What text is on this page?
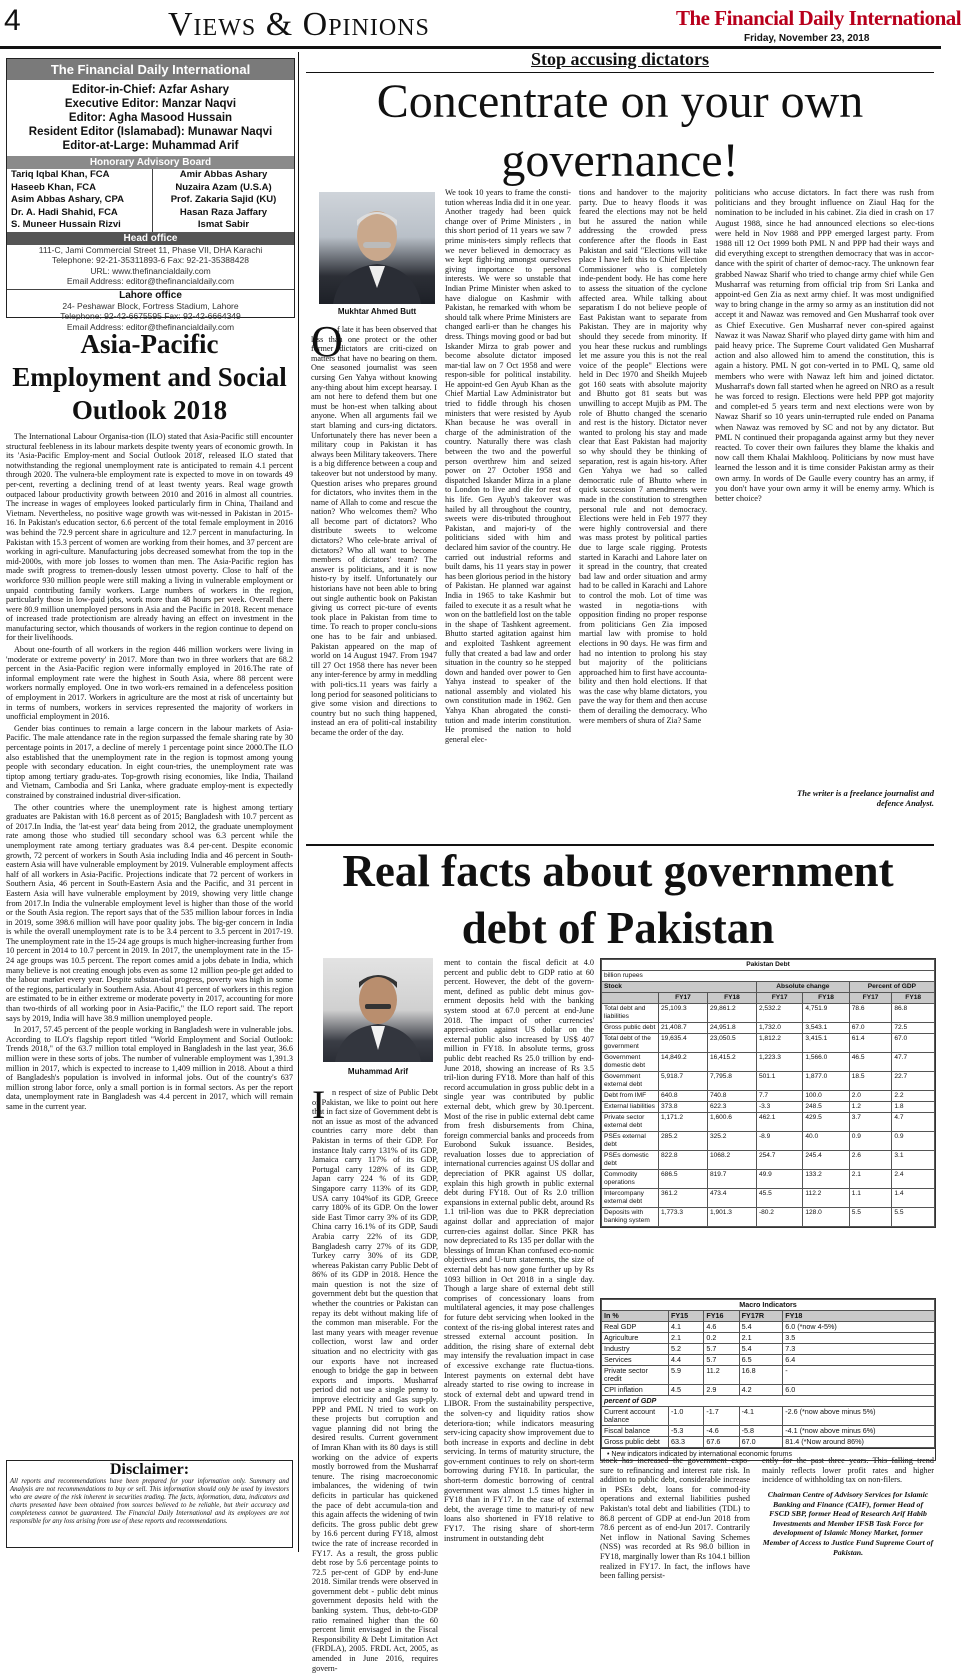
4	Views & Opinions	The Financial Daily International
Friday, November 23, 2018
The Financial Daily International
Editor-in-Chief: Azfar Ashary
Executive Editor: Manzar Naqvi
Editor: Agha Masood Hussain
Resident Editor (Islamabad): Munawar Naqvi
Editor-at-Large: Muhammad Arif
Honorary Advisory Board
Tariq Iqbal Khan, FCA
Haseeb Khan, FCA
Asim Abbas Ashary, CPA
Dr. A. Hadi Shahid, FCA
S. Muneer Hussain Rizvi
Amir Abbas Ashary
Nuzaira Azam (U.S.A)
Prof. Zakaria Sajid (KU)
Hasan Raza Jaffary
Ismat Sabir
Head office
111-C, Jami Commercial Street 11, Phase VII, DHA Karachi
Telephone: 92-21-35311893-6 Fax: 92-21-35388428
URL: www.thefinancialdaily.com
Email Address: editor@thefinancialdaily.com
Lahore office
24- Peshawar Block, Fortress Stadium, Lahore
Telephone: 92-42-6675595 Fax: 92-42-6664349
Email Address: editor@thefinancialdaily.com
Asia-Pacific Employment and Social Outlook 2018

The International Labour Organisa-tion (ILO) stated that Asia-Pacific still encounter structural feebleness in its labour markets despite twenty years of economic growth. In its 'Asia-Pacific Employ-ment and Social Outlook 2018', released ILO stated that notwithstanding the regional unemployment rate is anticipated to remain 4.1 percent through 2020. The vulnera-ble employment rate is expected to move in on towards 49 per-cent, reverting a declining trend of at least twenty years. Real wage growth outpaced labour productivity growth between 2010 and 2016 in almost all countries. The increase in wages of employees looked particularly firm in China, Thailand and Vietnam. Nevertheless, no positive wage growth was wit-nessed in Pakistan in 2015-16. In Pakistan's education sector, 6.6 percent of the total female employment in 2016 was behind the 72.9 percent share in agriculture and 12.7 percent in manufacturing. In Pakistan with 15.3 percent of women are working from their homes, and 37 percent are working in agri-culture. Manufacturing jobs decreased somewhat from the top in the mid-2000s, with more job losses to women than men. The Asia-Pacific region has made swift progress to tremen-dously lessen utmost poverty. Close to half of the workforce 930 million people were still making a living in vulnerable employment or unpaid contributing family workers. Large numbers of workers in the region, particularly those in low-paid jobs, work more than 48 hours per week. Overall there were 80.9 million unemployed persons in Asia and the Pacific in 2018. Recent menace of increased trade protectionism are already having an effect on investment in the manufacturing sector, which thousands of workers in the region continue to depend on for their livelihoods.

About one-fourth of all workers in the region 446 million workers were living in 'moderate or extreme poverty' in 2017. More than two in three workers that are 68.2 percent in the Asia-Pacific region were informally employed in 2016.The rate of informal employment rate were the highest in South Asia, where 88 percent were workers normally employed. One in two work-ers remained in a defenceless position of employment in 2017. Workers in agriculture are the most at risk of uncertainty but in terms of numbers, workers in services represented the majority of workers in unofficial employment in 2016.

Gender bias continues to remain a large concern in the labour markets of Asia-Pacific. The male attendance rate in the region surpassed the female sharing rate by 30 percentage points in 2017, a decline of merely 1 percentage point since 2000.The ILO also established that the unemployment rate in the region is topmost among young people with secondary education. In eight coun-tries, the unemployment rate was tiptop among tertiary gradu-ates. Top-growth rising economies, like India, Thailand and Vietnam, Cambodia and Sri Lanka, where graduate employ-ment is expectedly constrained by constrained industrial diver-sification.

The other countries where the unemployment rate is highest among tertiary graduates are Pakistan with 16.8 percent as of 2015; Bangladesh with 10.7 percent as of 2017.In India, the 'lat-est year' data being from 2012, the graduate unemployment rate among those who studied till secondary school was 6.3 percent while the unemployment rate among tertiary graduates was 8.4 per-cent. Despite economic growth, 72 percent of workers in South Asia including India and 46 percent in South-eastern Asia will have vulnerable employment by 2019. Vulnerable employment affects half of all workers in Asia-Pacific. Projections indicate that 72 percent of workers in Southern Asia, 46 percent in South-Eastern Asia and the Pacific, and 31 percent in Eastern Asia will have vulnerable employment by 2019, showing very little change from 2017.In India the vulnerable employment level is higher than those of the world or the South Asia region. The report says that of the 535 million labour forces in India in 2019, some 398.6 million will have poor quality jobs. The big-ger concern in India is while the overall unemployment rate is to be 3.4 percent to 3.5 percent in 2017-19. The unemployment rate in the 15-24 age groups is much higher-increasing further from 10 percent in 2014 to 10.7 percent in 2019. In 2017, the unemployment rate in the 15-24 age groups was 10.5 percent. The report comes amid a jobs debate in India, which many believe is not creating enough jobs even as some 12 million peo-ple get added to the labour market every year. Despite substan-tial progress, poverty was high in some of the regions, particularly in Southern Asia. About 41 percent of workers in this region are estimated to be in either extreme or moderate poverty in 2017, accounting for more than two-thirds of all working poor in Asia-Pacific," the ILO report said. The report says by 2019, India will have 38.9 million unemployed people.

In 2017, 57.45 percent of the people working in Bangladesh were in vulnerable jobs. According to ILO's flagship report titled "World Employment and Social Outlook: Trends 2018," of the 63.7 million total employed in Bangladesh in the last year, 36.6 million were in these sorts of jobs. The number of vulnerable employment was 1,391.3 million in 2017, which is expected to increase to 1,409 million in 2018. About a third of Bangladesh's population is involved in informal jobs. Out of the country's 637 million strong labor force, only a small portion is in formal sectors. As per the report data, unemployment rate in Bangladesh was 4.4 percent in 2017, which will remain same in the current year.

Disclaimer:
All reports and recommendations have been prepared for your information only. Summary and Analysis are not recommendations to buy or sell. This information should only be used by investors who are aware of the risk inherent in securities trading. The facts, information, data, indicators and charts presented have been obtained from sources believed to be reliable, but their accuracy and completeness cannot be guaranteed. The Financial Daily International and its employees are not responsible for any loss arising from use of these reports and recommendations.
Stop accusing dictators
Concentrate on your own
governance!
Mukhtar Ahmed Butt
O
f late it has been observed that less than one protect or the other former dictators are criti-cized on matters that have no bearing on them. One seasoned journalist was seen cursing Gen Yahya without knowing any-thing about him except hearsay. I am not here to defend them but one must be hon-est when talking about anyone. When all arguments fail we start blaming and curs-ing dictators. Unfortunately there has never been a military coup in Pakistan it has always been Military takeovers. There is a big difference between a coup and takeover but not understood by many. Question arises who prepares ground for dictators, who invites them in the name of Allah to come and rescue the nation? Who welcomes them? Who all become part of dictators? Who distribute sweets to welcome dictators? Who cele-brate arrival of dictators? Who all want to become members of dictators' team? The answer is politicians, and it is now histo-ry by itself. Unfortunately our historians have not been able to bring out single authentic book on Pakistan giving us correct pic-ture of events took place in Pakistan from time to time. To reach to proper conclu-sions one has to be fair and unbiased. Pakistan appeared on the map of world on 14 August 1947. From 1947 till 27 Oct 1958 there has never been any inter-ference by army in meddling with poli-tics.11 years was fairly a long period for seasoned politicians to give some vision and directions to country but no such thing happened, instead an era of politi-cal instability became the order of the day.
We took 10 years to frame the consti-tution whereas India did it in one year. Another tragedy had been quick change over of Prime Ministers , in this short period of 11 years we saw 7 prime minis-ters simply reflects that we never believed in democracy as we kept fight-ing amongst ourselves giving importance to personal interests. We were so unstable that Indian Prime Minister when asked to have dialogue on Kashmir with Pakistan, he remarked with whom be should talk where Prime Ministers are changed earli-er than he changes his dress. Things moving good or bad but Iskander Mirza to grab power and become absolute dictator imposed mar-tial law on 7 Oct 1958 and were respon-sible for political instability. He appoint-ed Gen Ayub Khan as the Chief Martial Law Administrator but tried to fiddle through his chosen ministers that were resisted by Ayub Khan because he was overall in charge of the administration of the country. Naturally there was clash between the two and the powerful person overthrew him and seized power on 27 October 1958 and dispatched Iskander Mirza in a plane to London to live and die for rest of his life. Gen Ayub's takeover was hailed by all throughout the country, sweets were dis-tributed throughout Pakistan, and majori-ty of the politicians sided with him and declared him savior of the country. He carried out industrial reforms and built dams, his 11 years stay in power has been glorious period in the history of Pakistan. He planned war against India in 1965 to take Kashmir but failed to execute it as a result what he won on the battlefield lost on the table in the shape of Tashkent agreement. Bhutto started agitation against him and exploited Tashkent agreement fully that created a bad law and order situation in the country so he stepped down and handed over power to Gen Yahya instead to speaker of the national assembly and violated his own constitution made in 1962. Gen Yahya Khan abrogated the consti-tution and made interim constitution. He promised the nation to hold general elec-
tions and handover to the majority party. Due to heavy floods it was feared the elections may not be held but he assured the nation while addressing the crowded press conference after the floods in East Pakistan and said "Elections will take place I have left this to Chief Election Commissioner who is completely inde-pendent body. He has come here to assess the situation of the cyclone affected area. While talking about separatism I do not believe people of East Pakistan want to separate from Pakistan. They are in majority why should they secede from minority. If you hear these ruckus and rumblings let me assure you this is not the real voice of the people" Elections were held in Dec 1970 and Sheikh Mujeeb got 160 seats with absolute majority and Bhutto got 81 seats but was unwilling to accept Mujib as PM. The role of Bhutto changed the scenario and rest is the history. Dictator never wanted to prolong his stay and made clear that East Pakistan had majority so why should they be thinking of separation, rest is again his-tory. After Gen Yahya we had so called democratic rule of Bhutto where in quick succession 7 amendments were made in the constitution to strengthen personal rule and not democracy. Elections were held in Feb 1977 they were highly controversial and there was mass protest by political parties due to large scale rigging. Protests started in Karachi and Lahore later on it spread in the country, that created bad law and order situation and army had to be called in Karachi and Lahore to control the mob. Lot of time was wasted in negotia-tions with opposition finding no proper response from politicians Gen Zia imposed martial law with promise to hold elections in 90 days. He was firm and had no intention to prolong his stay but majority of the politicians approached him to first have accounta-bility and then hold elections. If that was the case why blame dictators, you pave the way for them and then accuse them of derailing the democracy. Who were members of shura of Zia? Same
politicians who accuse dictators. In fact there was rush from politicians and they brought influence on Ziaul Haq for the nomination to be included in his cabinet. Zia died in crash on 17 August 1988, since he had announced elections so elec-tions were held in Nov 1988 and PPP emerged largest party. From 1988 till 12 Oct 1999 both PML N and PPP had their ways and did everything except to strengthen democracy that was in accor-dance with the spirit of charter of democ-racy. The unknown fear grabbed Nawaz Sharif who tried to change army chief while Gen Musharraf was returning from official trip from Sri Lanka and appoint-ed Gen Zia as next army chief. It was most undignified way to bring change in the army so army as an institution did not accept it and Nawaz was removed and Gen Musharraf took over as Chief Executive. Gen Musharraf never con-spired against Nawaz it was Nawaz Sharif who played dirty game with him and paid heavy price. The Supreme Court validated Gen Musharraf action and also allowed him to amend the constitution, this is again a history. PML N got con-verted in to PML Q, same old members who were with Nawaz left him and joined dictator. Musharraf's down fall started when he agreed on NRO as a result he was forced to resign. Elections were held PPP got majority and complet-ed 5 years term and next elections were won by Nawaz Sharif so 10 years unin-terrupted rule ended on Panama when Nawaz was removed by SC and not by any dictator. But PML N continued their propaganda against army but they never reacted. To cover their own failures they blame the khakis and now call them Khalai Makhlooq. Politicians by now must have learned the lesson and it is time consider Pakistan army as their own army. In words of De Gaulle every country has an army, if you don't have your own army it will be enemy army. Which is better choice?
The writer is a freelance journalist and defence Analyst.
Real facts about government
debt of Pakistan
Muhammad Arif
I n respect of size of Public Debt of Pakistan, we like to point out here that in fact size of Government debt is not an issue as most of the advanced countries carry more debt than Pakistan in terms of their GDP. For instance Italy carry 131% of its GDP, Jamaica carry 117% of its GDP, Portugal carry 128% of its GDP, Japan carry 224 % of its GDP, Singapore carry 113% of its GDP, USA carry 104%of its GDP, Greece carry 180% of its GDP. On the lower side East Timor carry 3% of its GDP, China carry 16.1% of its GDP, Saudi Arabia carry 22% of its GDP, Bangladesh carry 27% of its GDP, Turkey carry 30% of its GDP, whereas Pakistan carry Public Debt of 86% of its GDP in 2018. Hence the main question is not the size of government debt but the question that whether the countries or Pakistan can repay its debt without making life of the common man miserable. For the last many years with meager revenue collection, worst law and order situation and no electricity with gas our exports have not increased enough to bridge the gap in between exports and imports. Musharraf period did not use a single penny to improve electricity and Gas sup-ply. PPP and PML N tried to work on these projects but corruption and vague planning did not bring the desired results. Current government of Imran Khan with its 80 days is still working on the advice of experts mostly borrowed from the Musharraf tenure. The rising macroeconomic imbalances, the widening of twin deficits in particular has quickened the pace of debt accumula-tion and this again affects the widening of twin deficits. The gross public debt grew by 16.6 percent during FY18, almost twice the rate of increase recorded in FY17. As a result, the gross public debt rose by 5.6 percentage points to 72.5 per-cent of GDP by end-June 2018. Similar trends were observed in government debt - public debt minus government deposits held with the banking system. Thus, debt-to-GDP ratio remained higher than the 60 percent limit envisaged in the Fiscal Responsibility & Debt Limitation Act (FRDLA), 2005. FRDL Act, 2005, as amended in June 2016, requires govern-
ment to contain the fiscal deficit at 4.0 percent and public debt to GDP ratio at 60 percent. However, the debt of the govern-ment, defined as public debt minus gov-ernment deposits held with the banking system stood at 67.0 percent at end-June 2018. The impact of other currencies' appreci-ation against US dollar on the external public also increased by US$ 407 million in FY18. In absolute terms, gross public debt reached Rs 25.0 trillion by end-June 2018, showing an increase of Rs 3.5 tril-lion during FY18. More than half of this record accumulation in gross public debt in a single year was contributed by public external debt, which grew by 30.1percent. Most of the rise in public external debt came from fresh disbursements from China, foreign commercial banks and proceeds from Eurobond Sukuk issuance. Besides, revaluation losses due to appreciation of international currencies against US dollar and depreciation of PKR against US dollar, explain this high growth in public external debt during FY18. Out of Rs 2.0 trillion expansions in external public debt, around Rs 1.1 tril-lion was due to PKR depreciation against dollar and appreciation of major curren-cies against dollar. Since PKR has now depreciated to Rs 135 per dollar with the blessings of Imran Khan confused eco-nomic objectives and U-turn statements, the size of external debt has now gone further up by Rs 1093 billion in Oct 2018 in a single day. Though a large share of external debt still comprises of concessionary loans from multilateral agencies, it may pose challenges for future debt servicing when looked in the context of the ris-ing global interest rates and stressed external account position. In addition, the rising share of external debt may intensify the revaluation impact in case of excessive exchange rate fluctua-tions. Interest payments on external debt have already started to rise owing to increase in stock of external debt and upward trend in LIBOR. From the sustainability perspective, the solven-cy and liquidity ratios show deteriora-tion; while indicators measuring serv-icing capacity show improvement due to both increase in exports and decline in debt servicing. In terms of maturity structure, the gov-ernment continues to rely on short-term borrowing during FY18. In particular, the short-term domestic borrowing of central government was almost 1.5 times higher in FY18 than in FY17. In the case of external debt, the average time to maturi-ty of new loans also shortened in FY18 relative to FY17. The rising share of short-term instrument in outstanding debt
stock has increased the government expo-sure to refinancing and interest rate risk. In addition to public debt, considerable increase in PSEs debt, loans for commod-ity operations and external liabilities pushed Pakistan's total debt and liabilities (TDL) to 86.8 percent of GDP at end-Jun 2018 from 78.6 percent as of end-Jun 2017. Contrarily Net inflow in National Saving Schemes (NSS) was recorded at Rs 98.0 billion in FY18, marginally lower than Rs 104.1 billion realized in FY17. In fact, the inflows have been falling persist-
ently for the past three years. This falling trend mainly reflects lower profit rates and higher incidence of withholding tax on non-filers.
Chairman Centre of Advisory Services for Islamic Banking and Finance (CAIF), former Head of FSCD SBP, former Head of Research Arif Habib Investments and Member IFSB Task Force for development of Islamic Money Market, former Member of Access to Justice Fund Supreme Court of Pakistan.
Pakistan Debt						
billion rupees						
Stock			Absolute change		Percent of GDP	
	FY17	FY18	FY17	FY18	FY17	FY18
Total debt and liabilities	25,109.3	29,861.2	2,532.2	4,751.9	78.6	86.8
Gross public debt	21,408.7	24,951.8	1,732.0	3,543.1	67.0	72.5
Total debt of the government	19,635.4	23,050.5	1,812.2	3,415.1	61.4	67.0
Government domestic debt	14,849.2	16,415.2	1,223.3	1,566.0	46.5	47.7
Government external debt	5,918.7	7,795.8	501.1	1,877.0	18.5	22.7
Debt from IMF	640.8	740.8	7.7	100.0	2.0	2.2
External liabilities	373.8	622.3	-3.3	248.5	1.2	1.8
Private sector external debt	1,171.2	1,600.6	462.1	429.5	3.7	4.7
PSEs external debt	285.2	325.2	-8.9	40.0	0.9	0.9
PSEs domestic debt	822.8	1068.2	254.7	245.4	2.6	3.1
Commodity operations	686.5	819.7	49.9	133.2	2.1	2.4
Intercompany external debt	361.2	473.4	45.5	112.2	1.1	1.4
Deposits with banking system	1,773.3	1,901.3	-80.2	128.0	5.5	5.5
Macro Indicators				
In %	FY15	FY16	FY17R	FY18
Real GDP	4.1	4.6	5.4	6.0 (*now 4-5%)
Agriculture	2.1	0.2	2.1	3.5
Industry	5.2	5.7	5.4	7.3
Services	4.4	5.7	6.5	6.4
Private sector credit	5.9	11.2	16.8	-
CPI inflation	4.5	2.9	4.2	6.0
percent of GDP				
Current account balance	-1.0	-1.7	-4.1	-2.6 (*now above minus 5%)
Fiscal balance	-5.3	-4.6	-5.8	-4.1 (*now above minus 6%)
Gross public debt	63.3	67.6	67.0	81.4 (*Now around 86%)
• New indicators indicated by international economic forums
